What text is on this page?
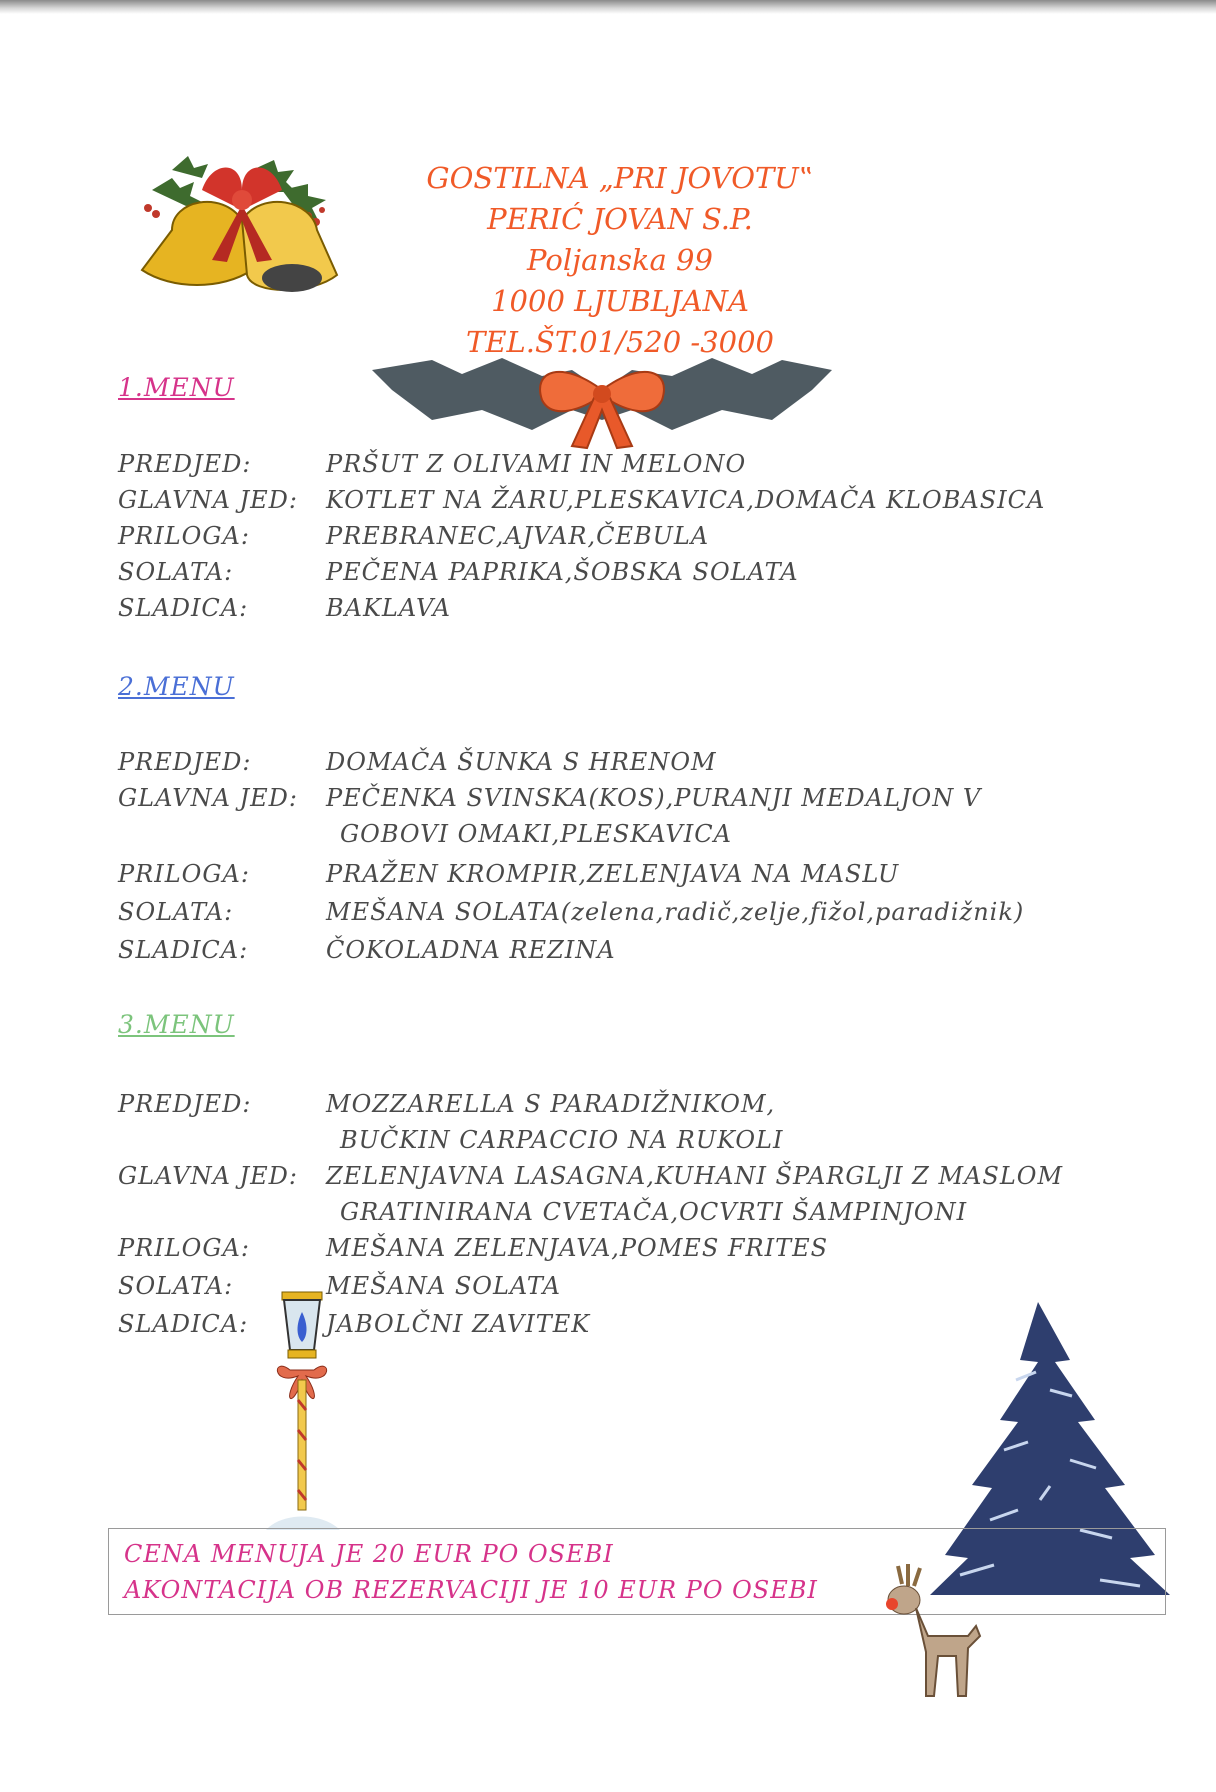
GOSTILNA „PRI JOVOTU‟
PERIĆ JOVAN S.P.
Poljanska 99
1000 LJUBLJANA
TEL.ŠT.01/520 -3000
1.MENU
PREDJED:	PRŠUT Z OLIVAMI IN MELONO
GLAVNA JED: KOTLET NA ŽARU,PLESKAVICA,DOMAČA KLOBASICA
PRILOGA:	PREBRANEC,AJVAR,ČEBULA
SOLATA:	PEČENA PAPRIKA,ŠOBSKA SOLATA
SLADICA:	BAKLAVA
2.MENU
PREDJED:	DOMAČA ŠUNKA S HRENOM
GLAVNA JED: PEČENKA SVINSKA(KOS),PURANJI MEDALJON V
GOBOVI OMAKI,PLESKAVICA
PRILOGA:	PRAŽEN KROMPIR,ZELENJAVA NA MASLU
SOLATA:	MEŠANA SOLATA(zelena,radič,zelje,fižol,paradižnik)
SLADICA:	ČOKOLADNA REZINA
3.MENU
PREDJED:	MOZZARELLA S PARADIŽNIKOM,
BUČKIN CARPACCIO NA RUKOLI
GLAVNA JED: ZELENJAVNA LASAGNA,KUHANI ŠPARGLJI Z MASLOM
GRATINIRANA CVETAČA,OCVRTI ŠAMPINJONI
PRILOGA:	MEŠANA ZELENJAVA,POMES FRITES
SOLATA:	MEŠANA SOLATA
SLADICA:	JABOLČNI ZAVITEK
CENA MENUJA JE 20 EUR PO OSEBI
AKONTACIJA OB REZERVACIJI JE 10 EUR PO OSEBI
